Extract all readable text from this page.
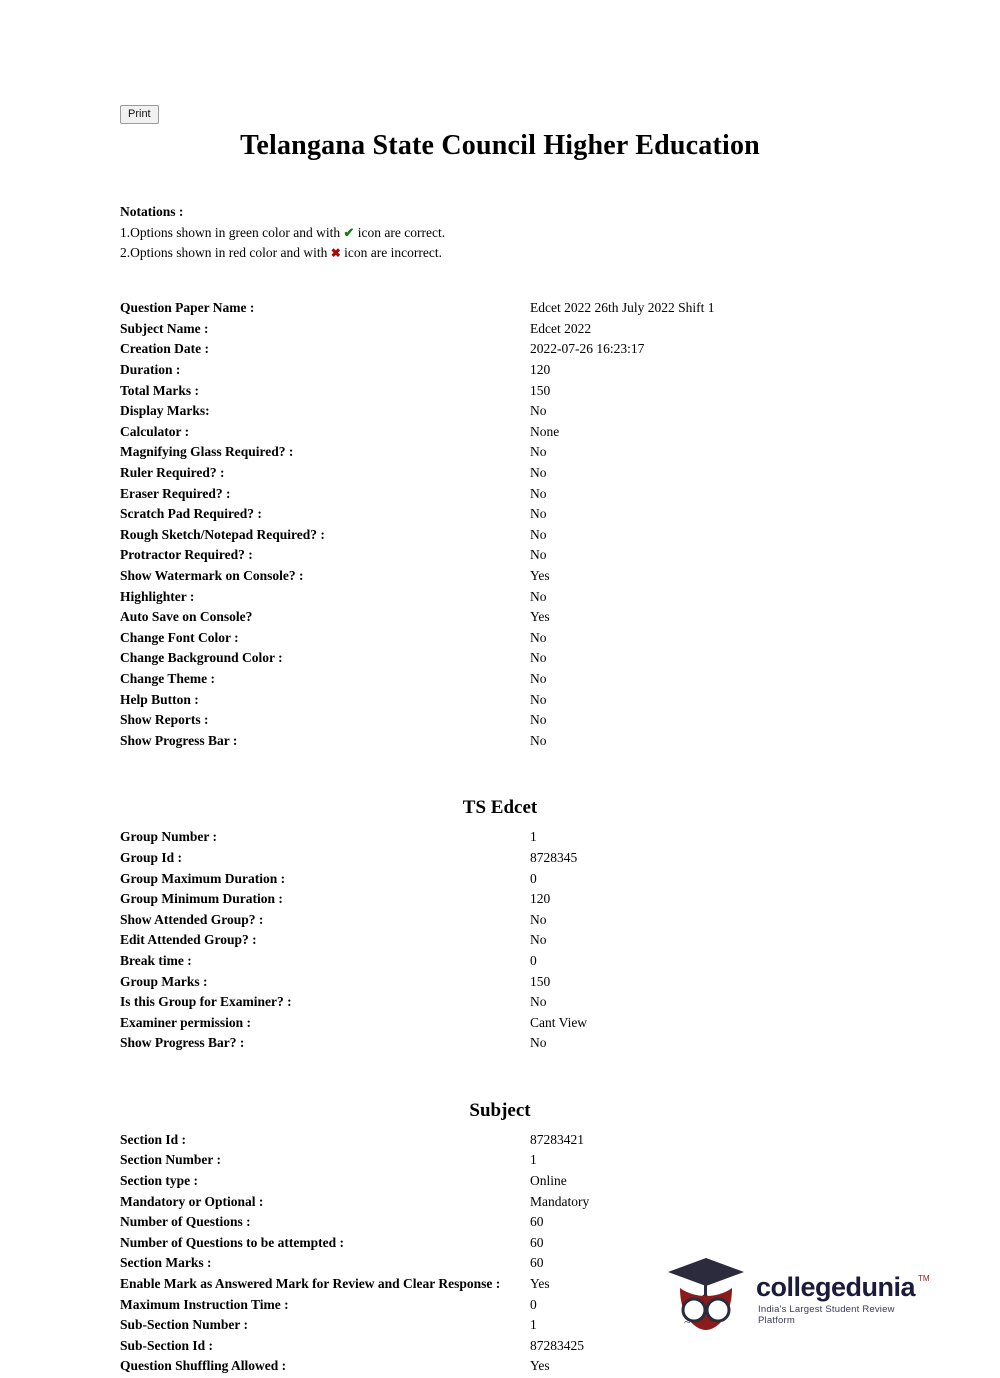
Print
Telangana State Council Higher Education
Notations :
1.Options shown in green color and with ✔ icon are correct.
2.Options shown in red color and with ✖ icon are incorrect.
Question Paper Name :	Edcet 2022 26th July 2022 Shift 1
Subject Name :	Edcet 2022
Creation Date :	2022-07-26 16:23:17
Duration :	120
Total Marks :	150
Display Marks:	No
Calculator :	None
Magnifying Glass Required? :	No
Ruler Required? :	No
Eraser Required? :	No
Scratch Pad Required? :	No
Rough Sketch/Notepad Required? :	No
Protractor Required? :	No
Show Watermark on Console? :	Yes
Highlighter :	No
Auto Save on Console?	Yes
Change Font Color :	No
Change Background Color :	No
Change Theme :	No
Help Button :	No
Show Reports :	No
Show Progress Bar :	No
TS Edcet
Group Number :	1
Group Id :	8728345
Group Maximum Duration :	0
Group Minimum Duration :	120
Show Attended Group? :	No
Edit Attended Group? :	No
Break time :	0
Group Marks :	150
Is this Group for Examiner? :	No
Examiner permission :	Cant View
Show Progress Bar? :	No
Subject
Section Id :	87283421
Section Number :	1
Section type :	Online
Mandatory or Optional :	Mandatory
Number of Questions :	60
Number of Questions to be attempted :	60
Section Marks :	60
Enable Mark as Answered Mark for Review and Clear Response :	Yes
Maximum Instruction Time :	0
Sub-Section Number :	1
Sub-Section Id :	87283425
Question Shuffling Allowed :	Yes
collegedunia TM
India's Largest Student Review Platform
~
